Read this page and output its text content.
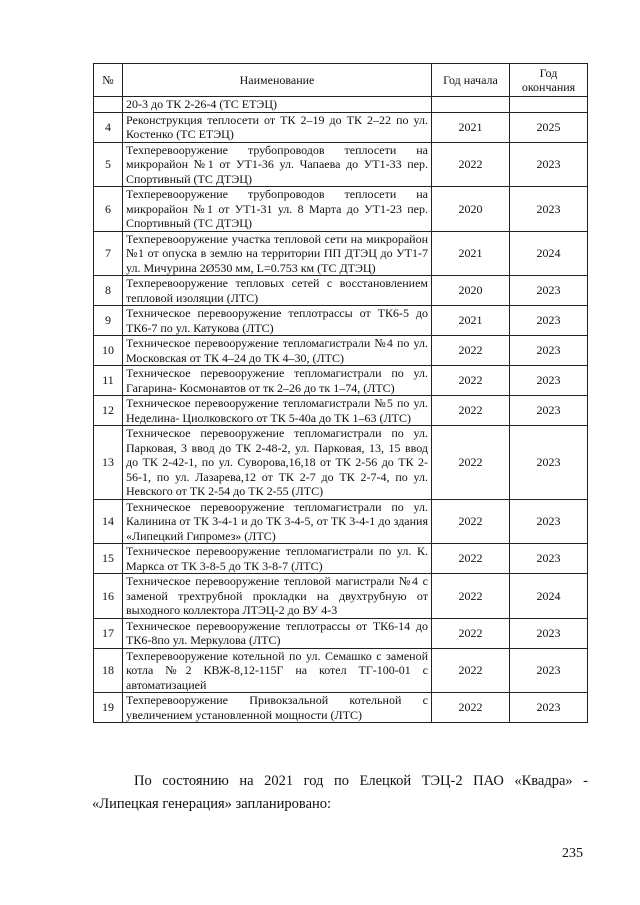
№	Наименование	Год начала	Год окончания
	20-3 до ТК 2-26-4 (ТС ЕТЭЦ)		
4	Реконструкция теплосети от ТК 2–19 до ТК 2–22 по ул. Костенко (ТС ЕТЭЦ)	2021	2025
5	Техперевооружение трубопроводов теплосети на микрорайон №1 от УТ1-36 ул. Чапаева до УТ1-33 пер. Спортивный (ТС ДТЭЦ)	2022	2023
6	Техперевооружение трубопроводов теплосети на микрорайон №1 от УТ1-31 ул. 8 Марта до УТ1-23 пер. Спортивный (ТС ДТЭЦ)	2020	2023
7	Техперевооружение участка тепловой сети на микрорайон №1 от опуска в землю на территории ПП ДТЭЦ до УТ1-7 ул. Мичурина 2Ø530 мм, L=0.753 км (ТС ДТЭЦ)	2021	2024
8	Техперевооружение тепловых сетей с восстановлением тепловой изоляции (ЛТС)	2020	2023
9	Техническое перевооружение теплотрассы от ТК6-5 до ТК6-7 по ул. Катукова (ЛТС)	2021	2023
10	Техническое перевооружение тепломагистрали №4 по ул. Московская от ТК 4–24 до ТК 4–30, (ЛТС)	2022	2023
11	Техническое перевооружение тепломагистрали по ул. Гагарина- Космонавтов от тк 2–26 до тк 1–74, (ЛТС)	2022	2023
12	Техническое перевооружение тепломагистрали №5 по ул. Неделина- Циолковского от ТК 5-40а до ТК 1–63 (ЛТС)	2022	2023
13	Техническое перевооружение тепломагистрали по ул. Парковая, 3 ввод до ТК 2-48-2, ул. Парковая, 13, 15 ввод до ТК 2-42-1, по ул. Суворова,16,18 от ТК 2-56 до ТК 2-56-1, по ул. Лазарева,12 от ТК 2-7 до ТК 2-7-4, по ул. Невского от ТК 2-54 до ТК 2-55 (ЛТС)	2022	2023
14	Техническое перевооружение тепломагистрали по ул. Калинина от ТК 3-4-1 и до ТК 3-4-5, от ТК 3-4-1 до здания «Липецкий Гипромез» (ЛТС)	2022	2023
15	Техническое перевооружение тепломагистрали по ул. К. Маркса от ТК 3-8-5 до ТК 3-8-7 (ЛТС)	2022	2023
16	Техническое перевооружение тепловой магистрали №4 с заменой трехтрубной прокладки на двухтрубную от выходного коллектора ЛТЭЦ-2 до ВУ 4-3	2022	2024
17	Техническое перевооружение теплотрассы от ТК6-14 до ТК6-8по ул. Меркулова (ЛТС)	2022	2023
18	Техперевооружение котельной по ул. Семашко с заменой котла №2 КВЖ-8,12-115Г на котел ТГ-100-01 с автоматизацией	2022	2023
19	Техперевооружение Привокзальной котельной с увеличением установленной мощности (ЛТС)	2022	2023

По состоянию на 2021 год по Елецкой ТЭЦ-2 ПАО «Квадра» - «Липецкая генерация» запланировано:

235
